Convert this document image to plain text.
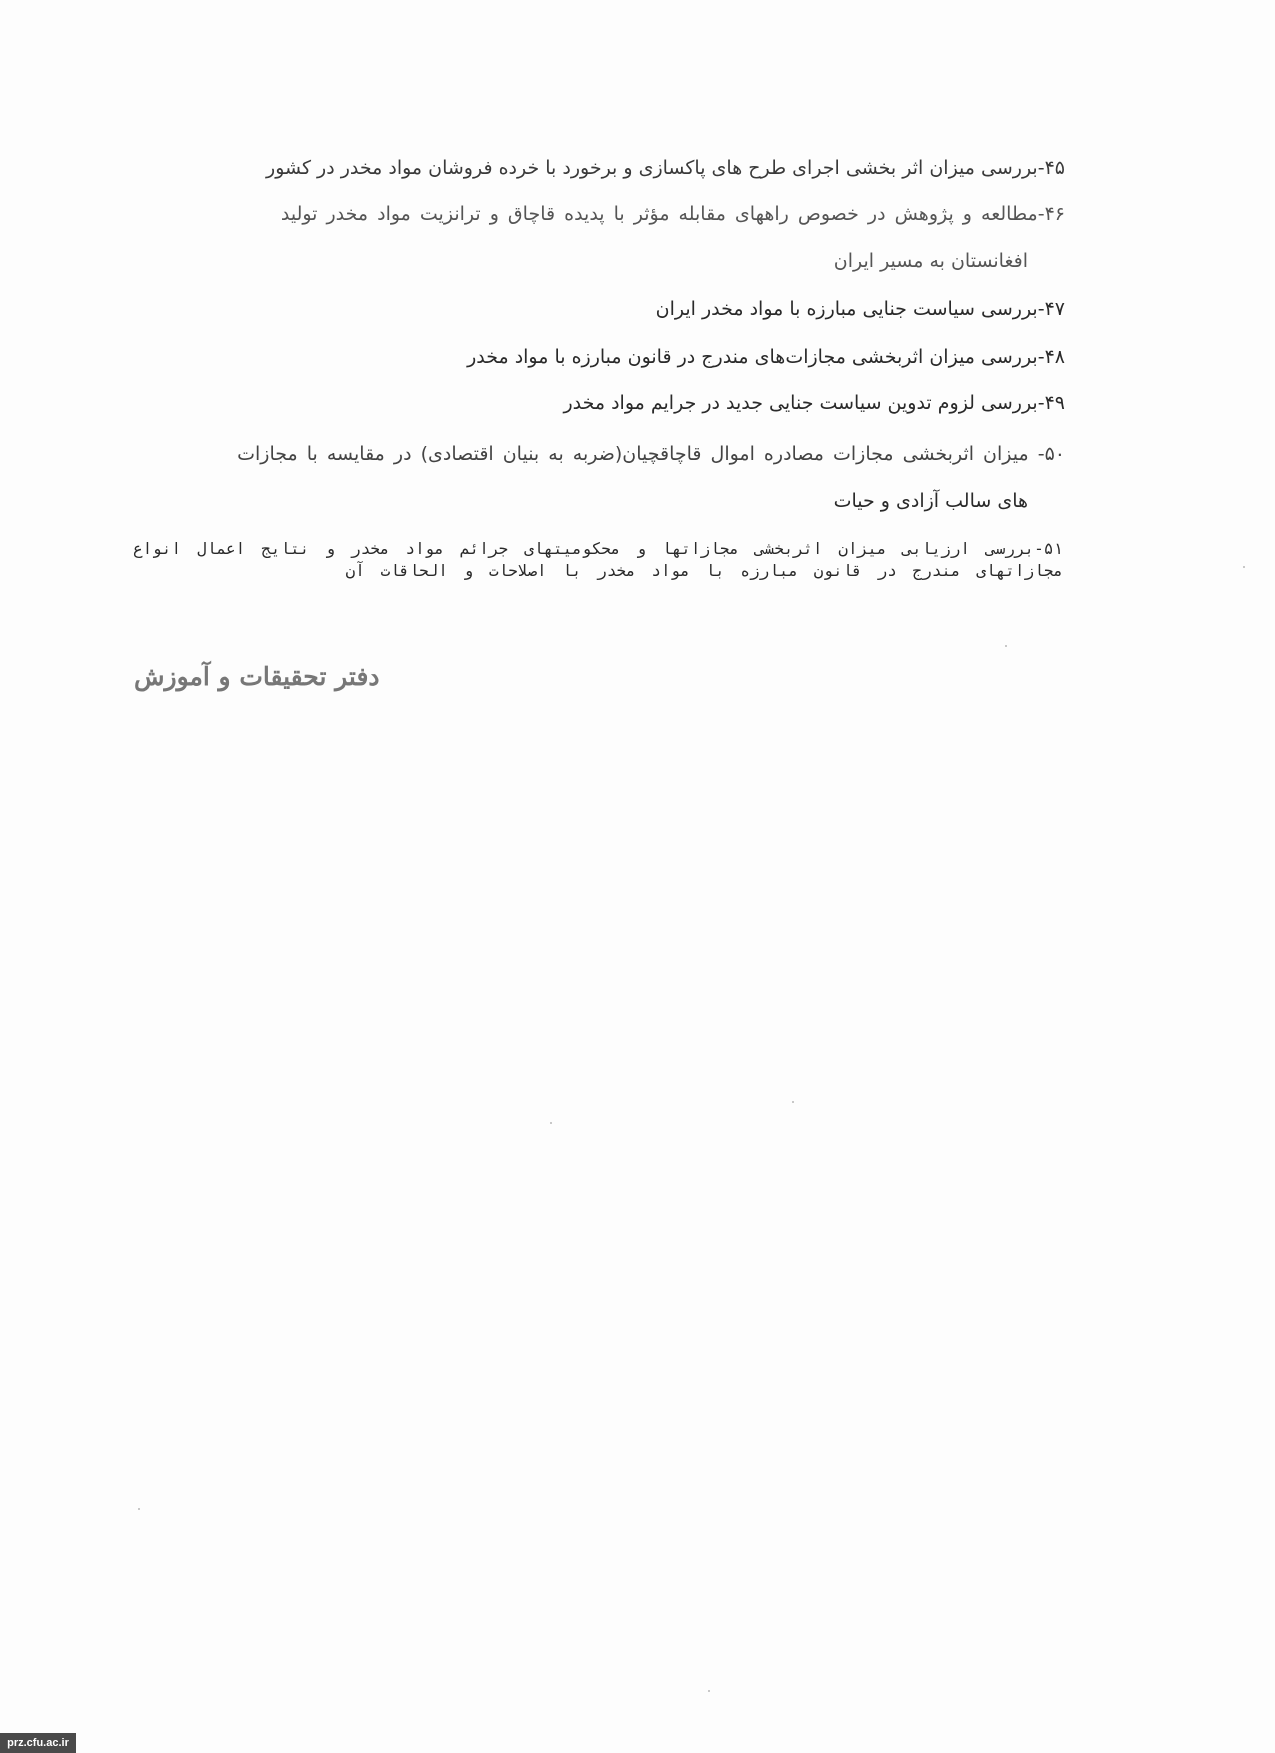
۴۵-بررسی میزان اثر بخشی اجرای طرح های پاکسازی و برخورد با خرده فروشان مواد مخدر در کشور
۴۶-مطالعه و پژوهش در خصوص راههای مقابله مؤثر با پدیده قاچاق و ترانزیت مواد مخدر تولید
افغانستان به مسیر ایران
۴۷-بررسی سیاست جنایی مبارزه با مواد مخدر ایران
۴۸-بررسی میزان اثربخشی مجازات‌های مندرج در قانون مبارزه با مواد مخدر
۴۹-بررسی لزوم تدوین سیاست جنایی جدید در جرایم مواد مخدر
۵۰- میزان اثربخشی مجازات مصادره اموال قاچاقچیان(ضربه به بنیان اقتصادی) در مقایسه با مجازات
های سالب آزادی و حیات
۵۱-بررسی ارزیابی میزان اثربخشی مجازاتها و محکومیتهای جرائم مواد مخدر و نتایج اعمال انواع مجازاتهای مندرج در قانون مبارزه با مواد مخدر با اصلاحات و الحاقات آن
دفتر تحقیقات و آموزش
prz.cfu.ac.ir
